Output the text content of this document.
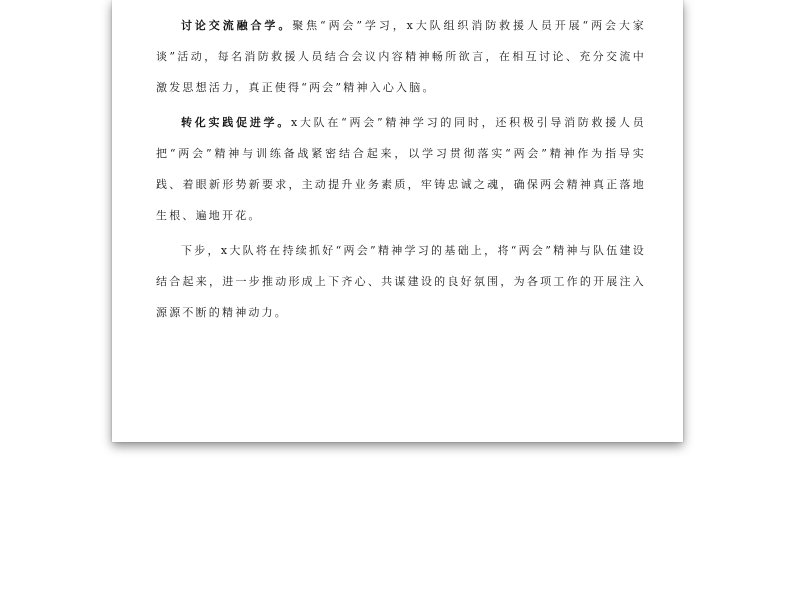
讨论交流融合学。聚焦“两会”学习，x大队组织消防救援人员开展“两会大家谈”活动，每名消防救援人员结合会议内容精神畅所欲言，在相互讨论、充分交流中激发思想活力，真正使得“两会”精神入心入脑。

转化实践促进学。x大队在“两会”精神学习的同时，还积极引导消防救援人员把“两会”精神与训练备战紧密结合起来，以学习贯彻落实“两会”精神作为指导实践、着眼新形势新要求，主动提升业务素质，牢铸忠诚之魂，确保两会精神真正落地生根、遍地开花。

下步，x大队将在持续抓好“两会”精神学习的基础上，将“两会”精神与队伍建设结合起来，进一步推动形成上下齐心、共谋建设的良好氛围，为各项工作的开展注入源源不断的精神动力。
